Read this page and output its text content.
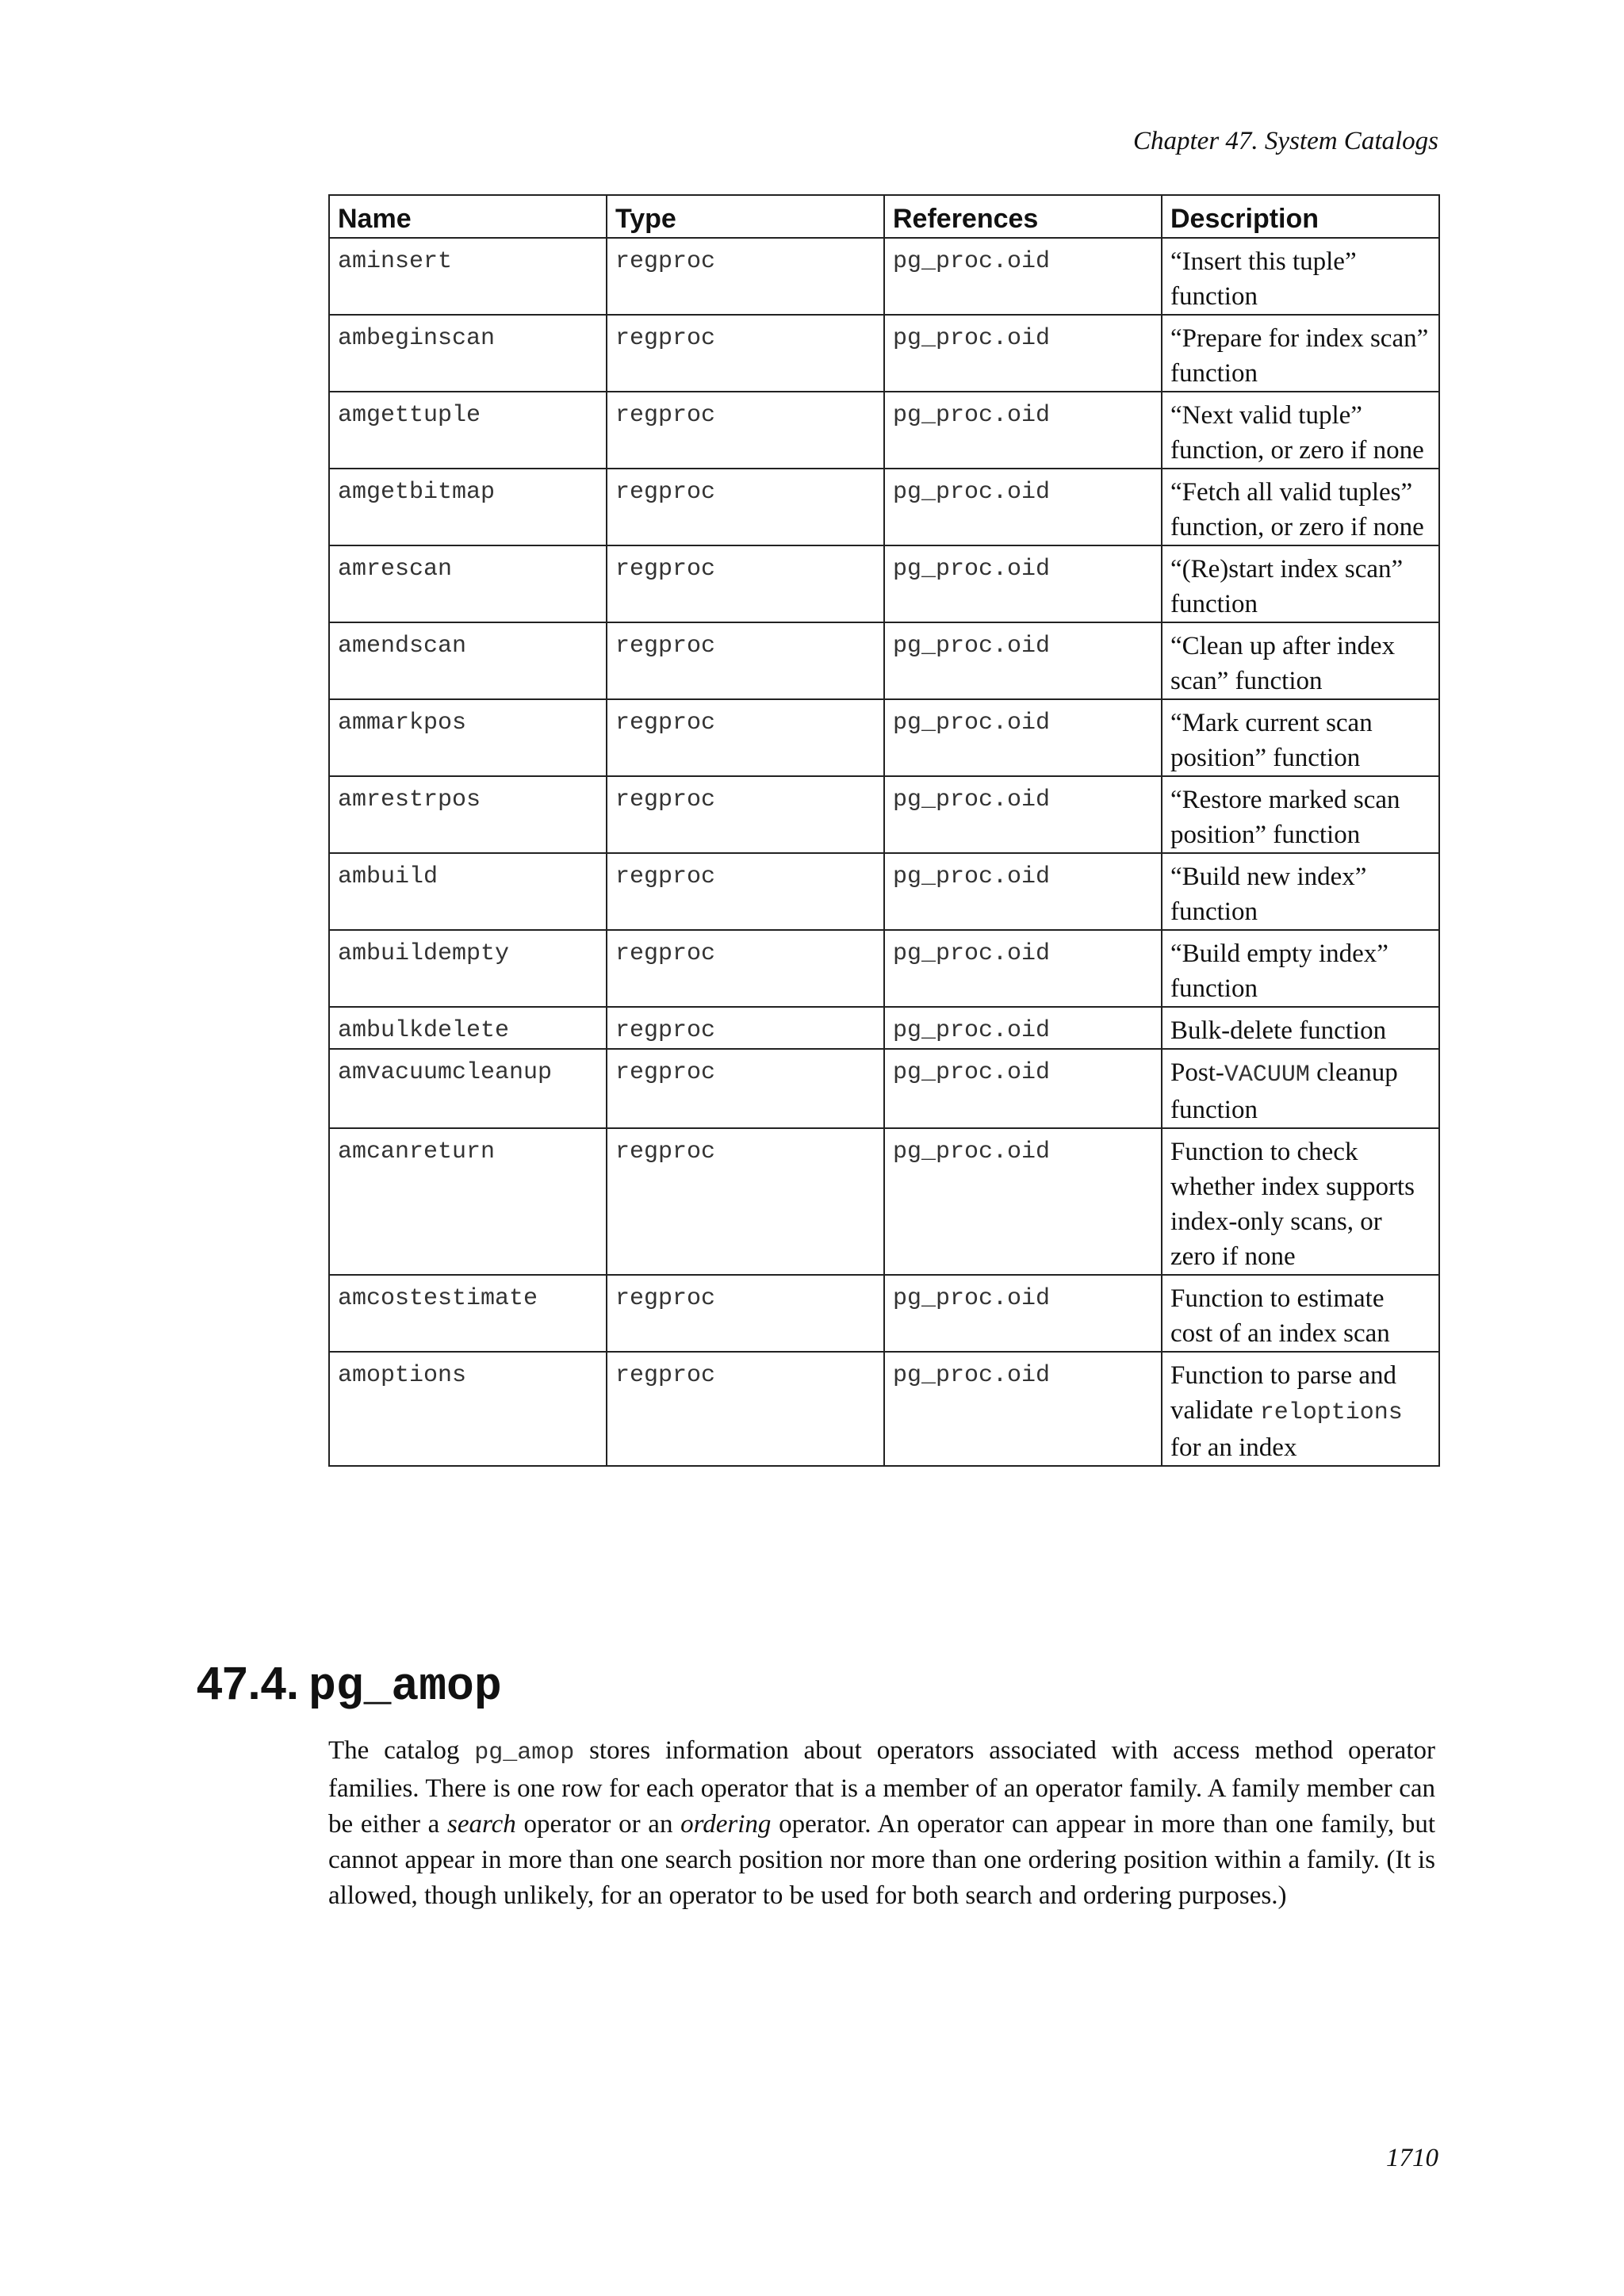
Chapter 47. System Catalogs
Name	Type	References	Description
aminsert	regproc	pg_proc.oid	“Insert this tuple” function
ambeginscan	regproc	pg_proc.oid	“Prepare for index scan” function
amgettuple	regproc	pg_proc.oid	“Next valid tuple” function, or zero if none
amgetbitmap	regproc	pg_proc.oid	“Fetch all valid tuples” function, or zero if none
amrescan	regproc	pg_proc.oid	“(Re)start index scan” function
amendscan	regproc	pg_proc.oid	“Clean up after index scan” function
ammarkpos	regproc	pg_proc.oid	“Mark current scan position” function
amrestrpos	regproc	pg_proc.oid	“Restore marked scan position” function
ambuild	regproc	pg_proc.oid	“Build new index” function
ambuildempty	regproc	pg_proc.oid	“Build empty index” function
ambulkdelete	regproc	pg_proc.oid	Bulk-delete function
amvacuumcleanup	regproc	pg_proc.oid	Post-VACUUM cleanup function
amcanreturn	regproc	pg_proc.oid	Function to check whether index supports index-only scans, or zero if none
amcostestimate	regproc	pg_proc.oid	Function to estimate cost of an index scan
amoptions	regproc	pg_proc.oid	Function to parse and validate reloptions for an index
47.4. pg_amop

The catalog pg_amop stores information about operators associated with access method operator families. There is one row for each operator that is a member of an operator family. A family member can be either a search operator or an ordering operator. An operator can appear in more than one family, but cannot appear in more than one search position nor more than one ordering position within a family. (It is allowed, though unlikely, for an operator to be used for both search and ordering purposes.)

1710
